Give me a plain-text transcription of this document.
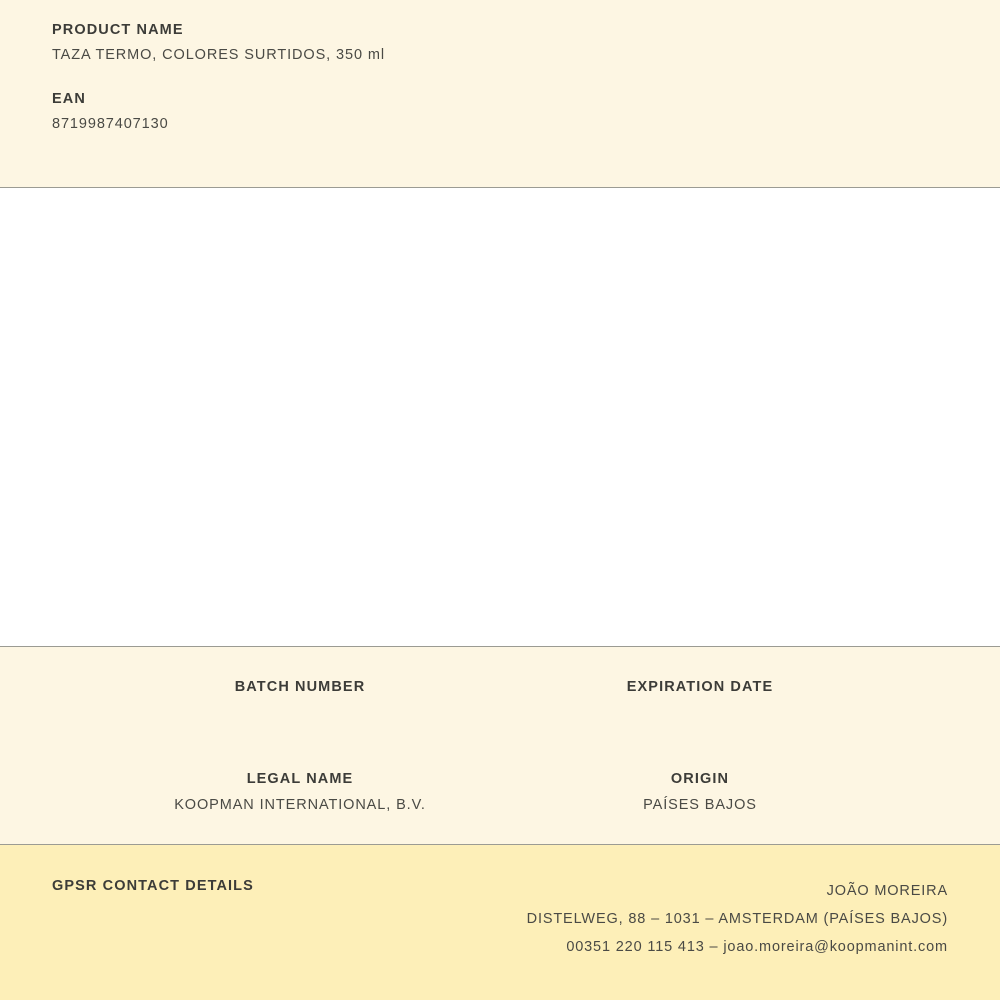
PRODUCT NAME
TAZA TERMO, COLORES SURTIDOS, 350 ml
EAN
8719987407130
BATCH NUMBER	EXPIRATION DATE
LEGAL NAME
KOOPMAN INTERNATIONAL, B.V.
ORIGIN
PAÍSES BAJOS
GPSR CONTACT DETAILS	JOÃO MOREIRA
DISTELWEG, 88 – 1031 – AMSTERDAM (PAÍSES BAJOS)
00351 220 115 413 – joao.moreira@koopmanint.com
